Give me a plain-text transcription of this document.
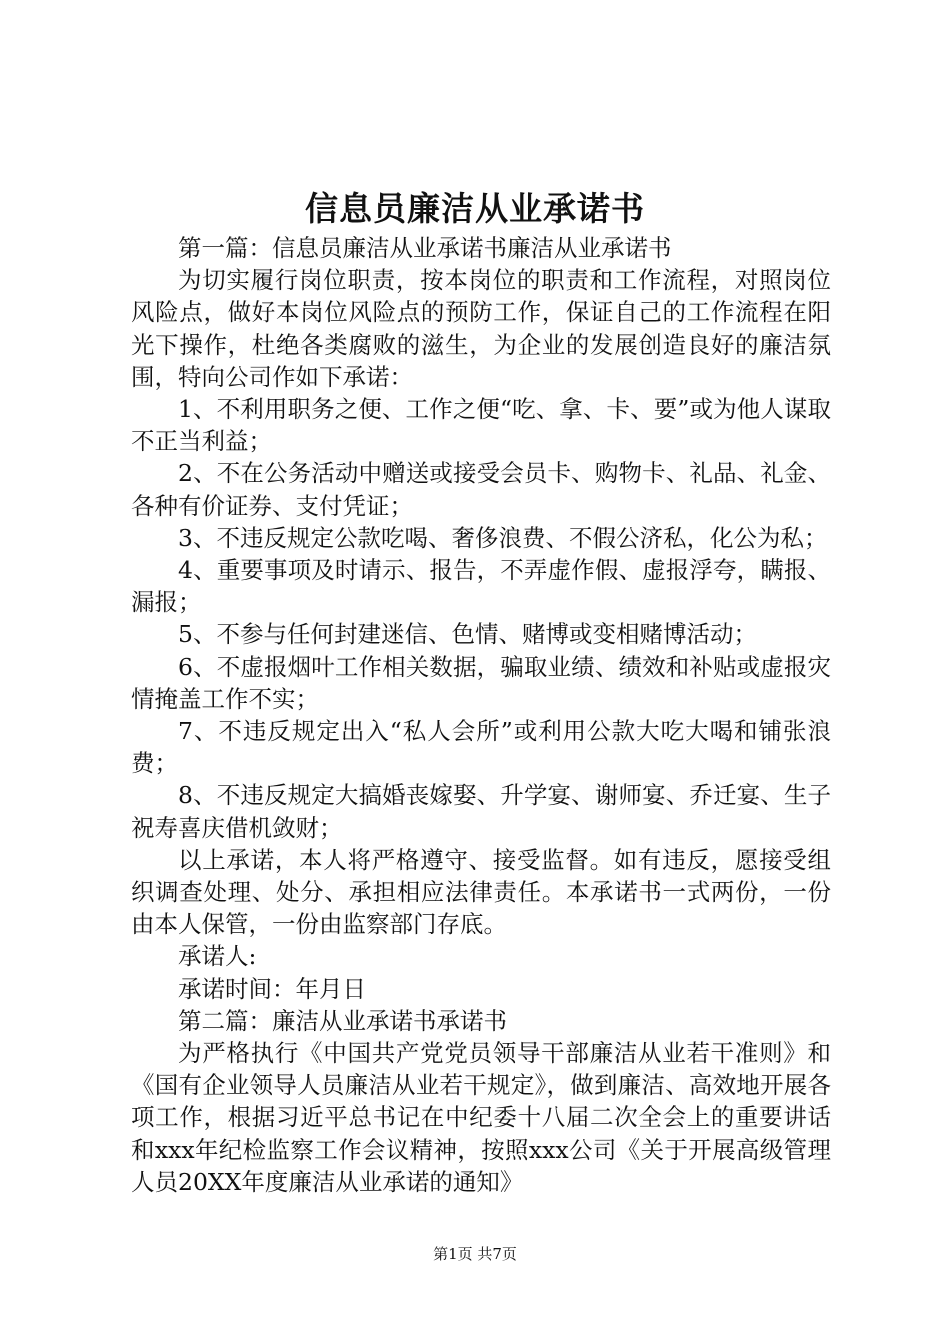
信息员廉洁从业承诺书

第一篇：信息员廉洁从业承诺书廉洁从业承诺书

为切实履行岗位职责，按本岗位的职责和工作流程，对照岗位风险点，做好本岗位风险点的预防工作，保证自己的工作流程在阳光下操作，杜绝各类腐败的滋生，为企业的发展创造良好的廉洁氛围，特向公司作如下承诺：

1、不利用职务之便、工作之便“吃、拿、卡、要”或为他人谋取不正当利益；

2、不在公务活动中赠送或接受会员卡、购物卡、礼品、礼金、各种有价证券、支付凭证；

3、不违反规定公款吃喝、奢侈浪费、不假公济私，化公为私；

4、重要事项及时请示、报告，不弄虚作假、虚报浮夸，瞒报、漏报；

5、不参与任何封建迷信、色情、赌博或变相赌博活动；

6、不虚报烟叶工作相关数据，骗取业绩、绩效和补贴或虚报灾情掩盖工作不实；

7、不违反规定出入“私人会所”或利用公款大吃大喝和铺张浪费；

8、不违反规定大搞婚丧嫁娶、升学宴、谢师宴、乔迁宴、生子祝寿喜庆借机敛财；

以上承诺，本人将严格遵守、接受监督。如有违反，愿接受组织调查处理、处分、承担相应法律责任。本承诺书一式两份，一份由本人保管，一份由监察部门存底。

承诺人:

承诺时间：年月日

第二篇：廉洁从业承诺书承诺书

为严格执行《中国共产党党员领导干部廉洁从业若干准则》和《国有企业领导人员廉洁从业若干规定》，做到廉洁、高效地开展各项工作，根据习近平总书记在中纪委十八届二次全会上的重要讲话和xxx年纪检监察工作会议精神，按照xxx公司《关于开展高级管理人员20XX年度廉洁从业承诺的通知》

第1页 共7页
